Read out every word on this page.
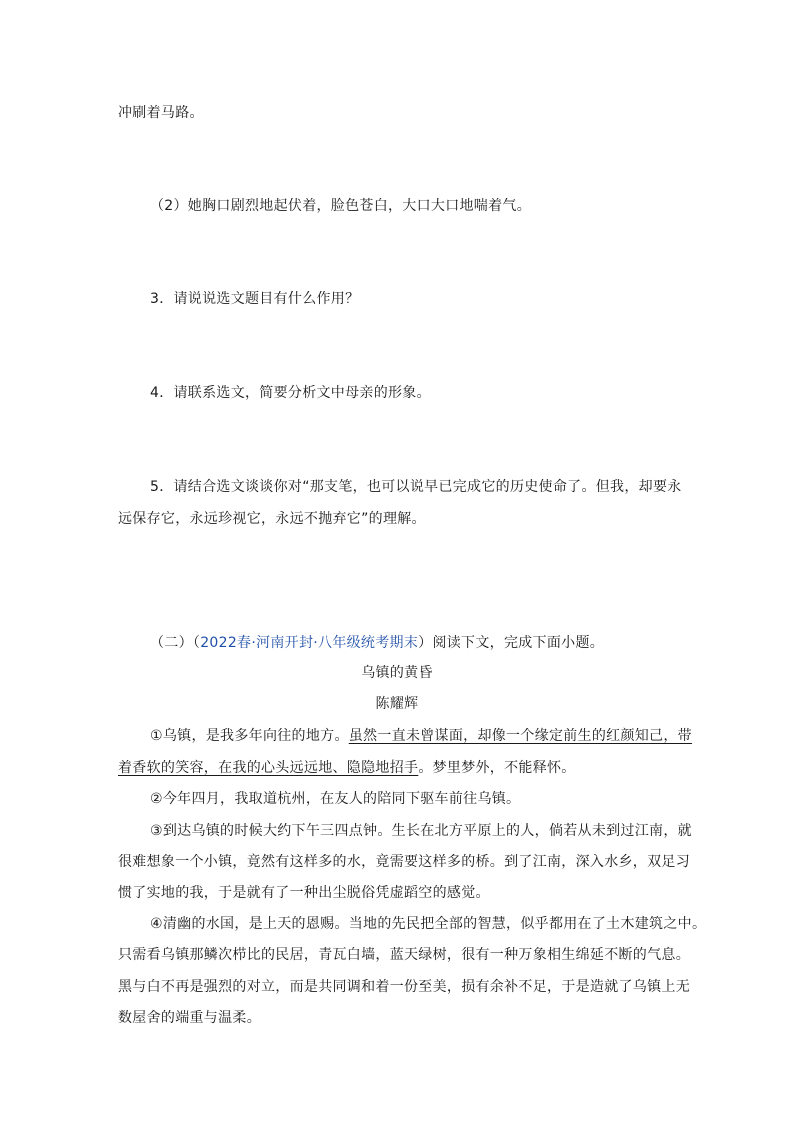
冲刷着马路。
（2）她胸口剧烈地起伏着，脸色苍白，大口大口地喘着气。
3．请说说选文题目有什么作用？
4．请联系选文，简要分析文中母亲的形象。
5．请结合选文谈谈你对“那支笔，也可以说早已完成它的历史使命了。但我，却要永
远保存它，永远珍视它，永远不抛弃它”的理解。
（二）（2022春·河南开封·八年级统考期末）阅读下文，完成下面小题。
乌镇的黄昏
陈耀辉
①乌镇，是我多年向往的地方。虽然一直未曾谋面，却像一个缘定前生的红颜知己，带
着香软的笑容，在我的心头远远地、隐隐地招手。梦里梦外，不能释怀。
②今年四月，我取道杭州，在友人的陪同下驱车前往乌镇。
③到达乌镇的时候大约下午三四点钟。生长在北方平原上的人，倘若从未到过江南，就
很难想象一个小镇，竟然有这样多的水，竟需要这样多的桥。到了江南，深入水乡，双足习
惯了实地的我，于是就有了一种出尘脱俗凭虚蹈空的感觉。
④清幽的水国，是上天的恩赐。当地的先民把全部的智慧，似乎都用在了土木建筑之中。
只需看乌镇那鳞次栉比的民居，青瓦白墙，蓝天绿树，很有一种万象相生绵延不断的气息。
黑与白不再是强烈的对立，而是共同调和着一份至美，损有余补不足，于是造就了乌镇上无
数屋舍的端重与温柔。
